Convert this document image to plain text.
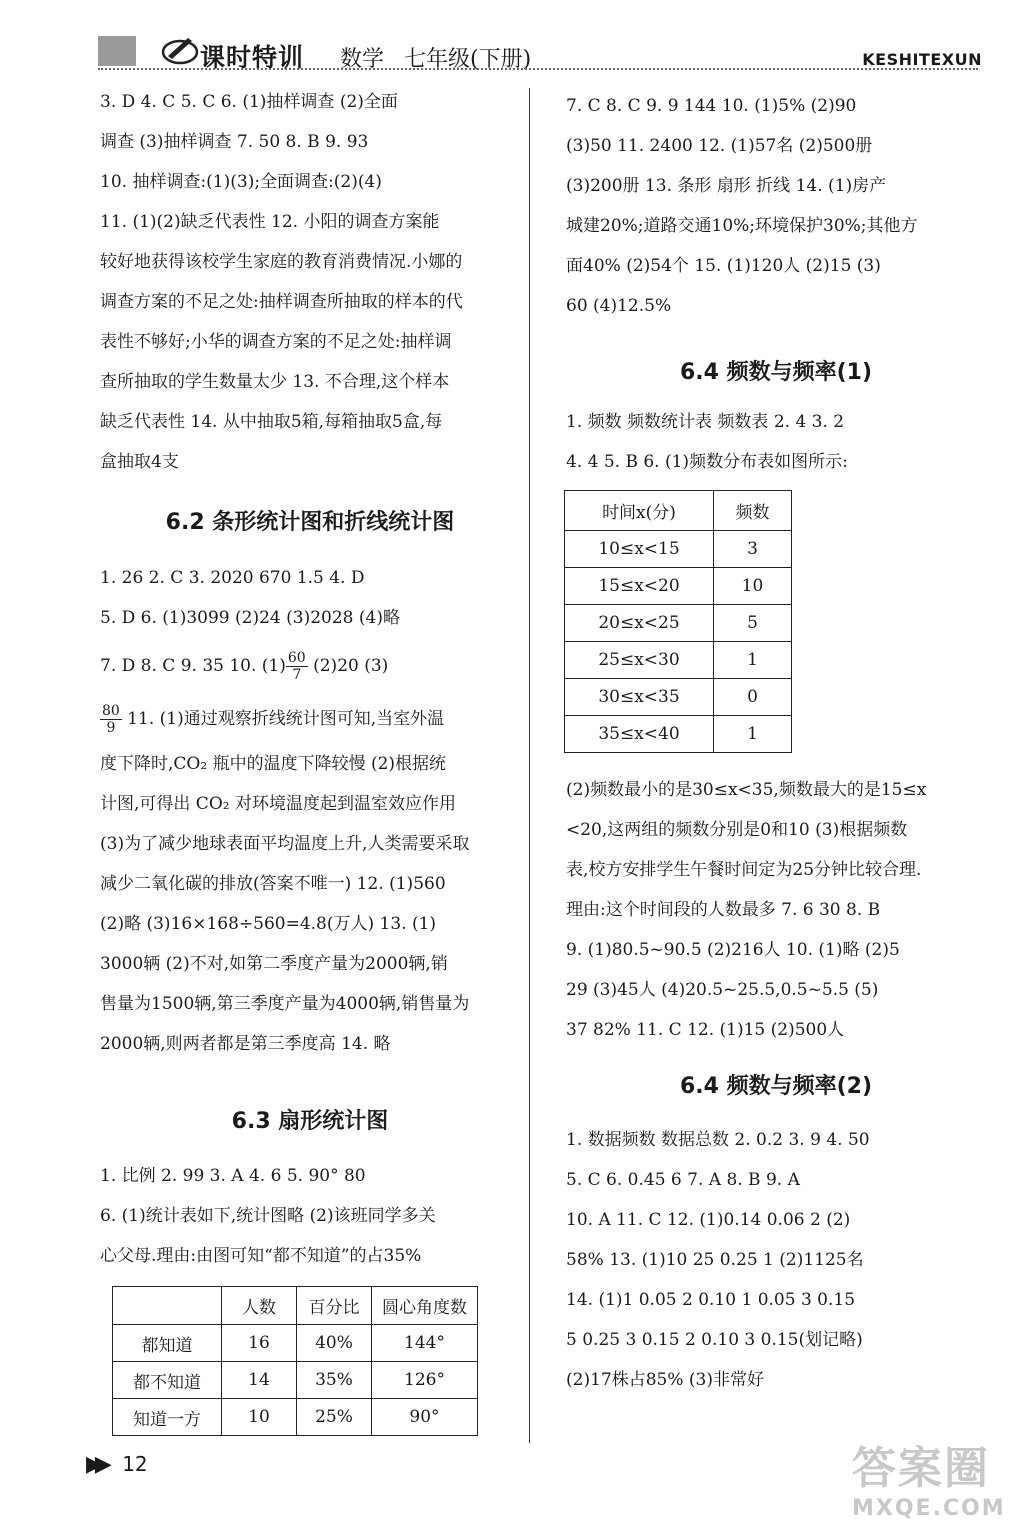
课时特训 数学 七年级(下册)	KESHITEXUN

3. D 4. C 5. C 6. (1)抽样调查 (2)全面

调查 (3)抽样调查 7. 50 8. B 9. 93

10. 抽样调查:(1)(3);全面调查:(2)(4)

11. (1)(2)缺乏代表性 12. 小阳的调查方案能

较好地获得该校学生家庭的教育消费情况.小娜的

调查方案的不足之处:抽样调查所抽取的样本的代

表性不够好;小华的调查方案的不足之处:抽样调

查所抽取的学生数量太少 13. 不合理,这个样本

缺乏代表性 14. 从中抽取5箱,每箱抽取5盒,每

盒抽取4支

6.2 条形统计图和折线统计图

1. 26 2. C 3. 2020 670 1.5 4. D

5. D 6. (1)3099 (2)24 (3)2028 (4)略

7. D 8. C 9. 35 10. $(1) \frac{60}{7} (2)20$ (3)

$\frac{80}{9} 11$. (1)通过观察折线统计图可知,当室外温

度下降时,CO₂ 瓶中的温度下降较慢 (2)根据统

计图,可得出 CO₂ 对环境温度起到温室效应作用

(3)为了减少地球表面平均温度上升,人类需要采取

减少二氧化碳的排放(答案不唯一) 12. (1)560

(2)略 (3)16×168÷560=4.8(万人) 13. (1)

3000辆 (2)不对,如第二季度产量为2000辆,销

售量为1500辆,第三季度产量为4000辆,销售量为

2000辆,则两者都是第三季度高 14. 略

6.3 扇形统计图

1. 比例 2. 99 3. A 4. 6 5. 90° 80

6. (1)统计表如下,统计图略 (2)该班同学多关

心父母.理由:由图可知“都不知道”的占35%

	人数	百分比	圆心角度数
都知道	16	40%	144°
都不知道	14	35%	126°
知道一方	10	25%	90°

7. C 8. C 9. 9 144 10. (1)5% (2)90

(3)50 11. 2400 12. (1)57名 (2)500册

(3)200册 13. 条形 扇形 折线 14. (1)房产

城建20%;道路交通10%;环境保护30%;其他方

面40% (2)54个 15. (1)120人 (2)15 (3)

60 (4)12.5%

6.4 频数与频率(1)

1. 频数 频数统计表 频数表 2. 4 3. 2

4. 4 5. B 6. (1)频数分布表如图所示:

时间x(分)	频数
10≤x<15	3
15≤x<20	10
20≤x<25	5
25≤x<30	1
30≤x<35	0
35≤x<40	1

(2)频数最小的是30≤x<35,频数最大的是15≤x

<20,这两组的频数分别是0和10 (3)根据频数

表,校方安排学生午餐时间定为25分钟比较合理.

理由:这个时间段的人数最多 7. 6 30 8. B

9. (1)80.5~90.5 (2)216人 10. (1)略 (2)5

29 (3)45人 (4)20.5~25.5,0.5~5.5 (5)

37 82% 11. C 12. (1)15 (2)500人

6.4 频数与频率(2)

1. 数据频数 数据总数 2. 0.2 3. 9 4. 50

5. C 6. 0.45 6 7. A 8. B 9. A

10. A 11. C 12. (1)0.14 0.06 2 (2)

58% 13. (1)10 25 0.25 1 (2)1125名

14. (1)1 0.05 2 0.10 1 0.05 3 0.15

5 0.25 3 0.15 2 0.10 3 0.15(划记略)

(2)17株占85% (3)非常好

▶▶ 12	答案圈
MXQE.COM
